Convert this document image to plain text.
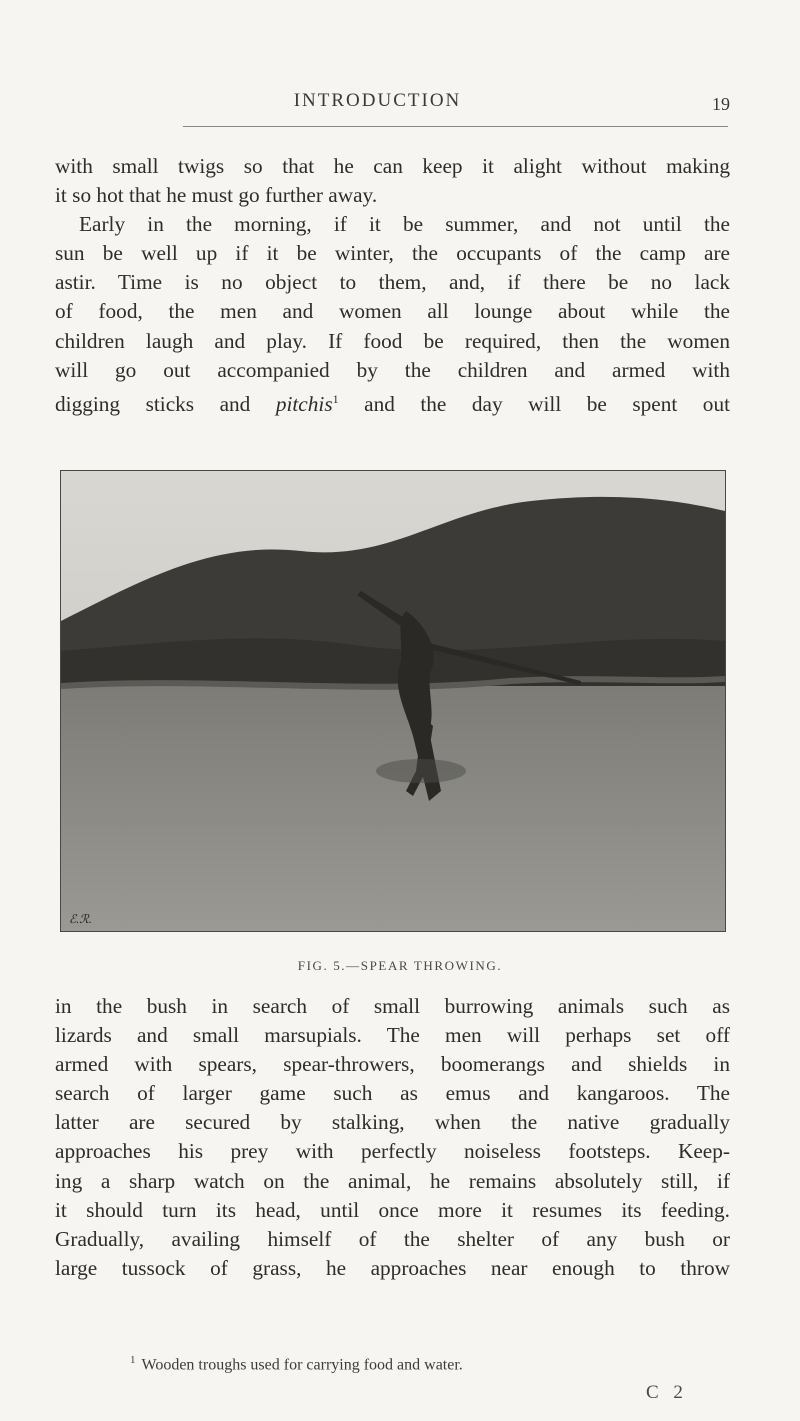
INTRODUCTION	19
with small twigs so that he can keep it alight without making
it so hot that he must go further away.
Early in the morning, if it be summer, and not until the
sun be well up if it be winter, the occupants of the camp are
astir. Time is no object to them, and, if there be no lack
of food, the men and women all lounge about while the
children laugh and play. If food be required, then the women
will go out accompanied by the children and armed with
digging sticks and pitchis$^1$ and the day will be spent out
ℰ.ℛ.
FIG. 5.—SPEAR THROWING.
in the bush in search of small burrowing animals such as
lizards and small marsupials. The men will perhaps set off
armed with spears, spear-throwers, boomerangs and shields in
search of larger game such as emus and kangaroos. The
latter are secured by stalking, when the native gradually
approaches his prey with perfectly noiseless footsteps. Keep-
ing a sharp watch on the animal, he remains absolutely still, if
it should turn its head, until once more it resumes its feeding.
Gradually, availing himself of the shelter of any bush or
large tussock of grass, he approaches near enough to throw
$^1$ Wooden troughs used for carrying food and water.
C 2
